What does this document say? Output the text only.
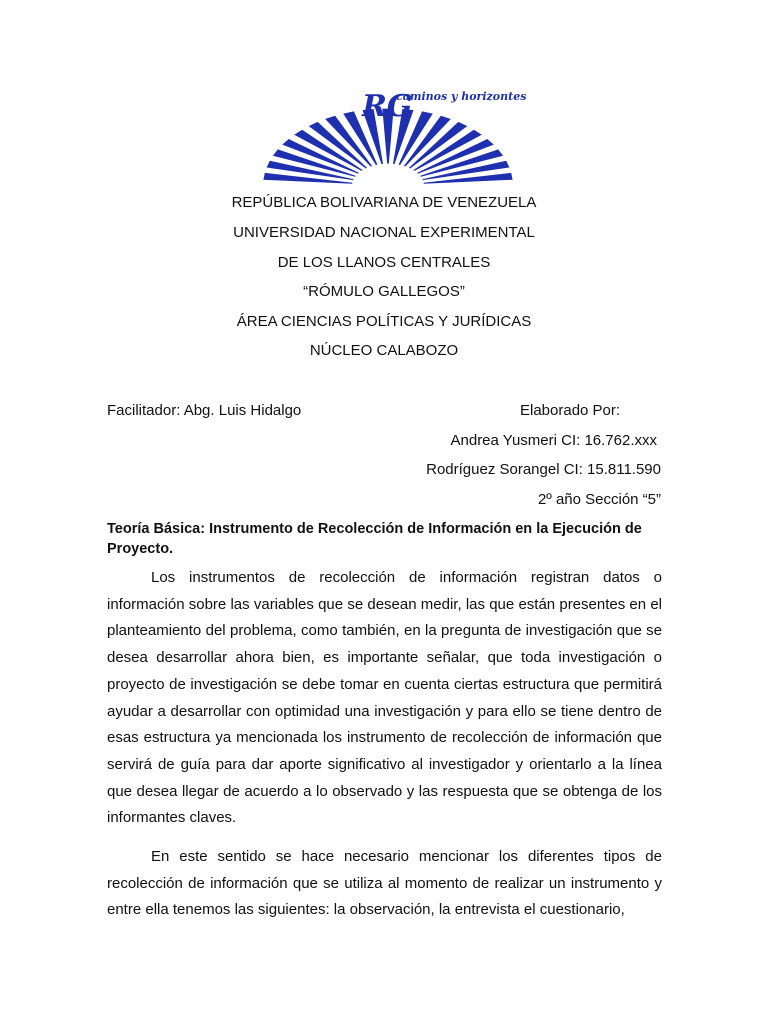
RG
caminos y horizontes
REPÚBLICA BOLIVARIANA DE VENEZUELA
UNIVERSIDAD NACIONAL EXPERIMENTAL
DE LOS LLANOS CENTRALES
“RÓMULO GALLEGOS”
ÁREA CIENCIAS POLÍTICAS Y JURÍDICAS
NÚCLEO CALABOZO
Facilitador: Abg. Luis Hidalgo	Elaborado Por:
Andrea Yusmeri CI: 16.762.xxx
Rodríguez Sorangel CI: 15.811.590
2º año Sección “5”
Teoría Básica: Instrumento de Recolección de Información en la Ejecución de Proyecto.
Los instrumentos de recolección de información registran datos o información sobre las variables que se desean medir, las que están presentes en el planteamiento del problema, como también, en la pregunta de investigación que se desea desarrollar ahora bien, es importante señalar, que toda investigación o proyecto de investigación se debe tomar en cuenta ciertas estructura que permitirá ayudar a desarrollar con optimidad una investigación y para ello se tiene dentro de esas estructura ya mencionada los instrumento de recolección de información que servirá de guía para dar aporte significativo al investigador y orientarlo a la línea que desea llegar de acuerdo a lo observado y las respuesta que se obtenga de los informantes claves.
En este sentido se hace necesario mencionar los diferentes tipos de recolección de información que se utiliza al momento de realizar un instrumento y entre ella tenemos las siguientes: la observación, la entrevista el cuestionario,
